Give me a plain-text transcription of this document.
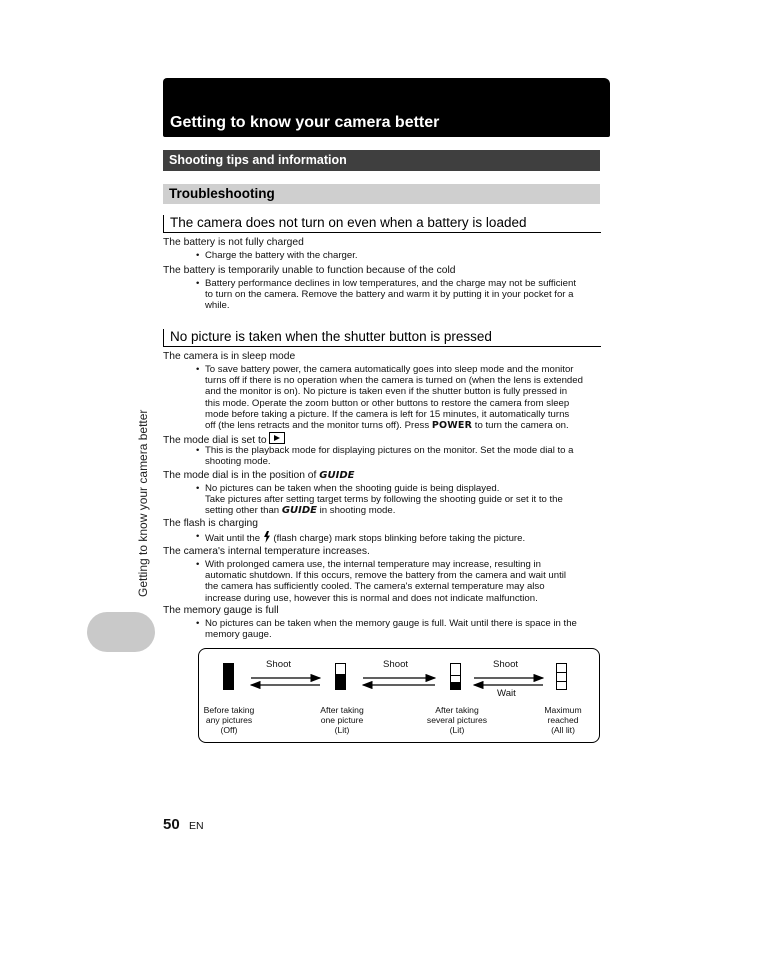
Getting to know your camera better
Shooting tips and information
Troubleshooting
The camera does not turn on even when a battery is loaded
The battery is not fully charged
• Charge the battery with the charger.
The battery is temporarily unable to function because of the cold
• Battery performance declines in low temperatures, and the charge may not be sufficient
to turn on the camera. Remove the battery and warm it by putting it in your pocket for a
while.
No picture is taken when the shutter button is pressed
The camera is in sleep mode
• To save battery power, the camera automatically goes into sleep mode and the monitor
turns off if there is no operation when the camera is turned on (when the lens is extended
and the monitor is on). No picture is taken even if the shutter button is fully pressed in
this mode. Operate the zoom button or other buttons to restore the camera from sleep
mode before taking a picture. If the camera is left for 15 minutes, it automatically turns
off (the lens retracts and the monitor turns off). Press POWER to turn the camera on.
The mode dial is set to
• This is the playback mode for displaying pictures on the monitor. Set the mode dial to a
shooting mode.
The mode dial is in the position of GUIDE
• No pictures can be taken when the shooting guide is being displayed.
Take pictures after setting target terms by following the shooting guide or set it to the
setting other than GUIDE in shooting mode.
The flash is charging
• Wait until the  (flash charge) mark stops blinking before taking the picture.
The camera's internal temperature increases.
• With prolonged camera use, the internal temperature may increase, resulting in
automatic shutdown. If this occurs, remove the battery from the camera and wait until
the camera has sufficiently cooled. The camera's external temperature may also
increase during use, however this is normal and does not indicate malfunction.
The memory gauge is full
• No pictures can be taken when the memory gauge is full. Wait until there is space in the
memory gauge.
Shoot	Shoot	Shoot
Wait
Before taking
any pictures
(Off)
After taking
one picture
(Lit)
After taking
several pictures
(Lit)
Maximum
reached
(All lit)
Getting to know your camera better
50 EN
